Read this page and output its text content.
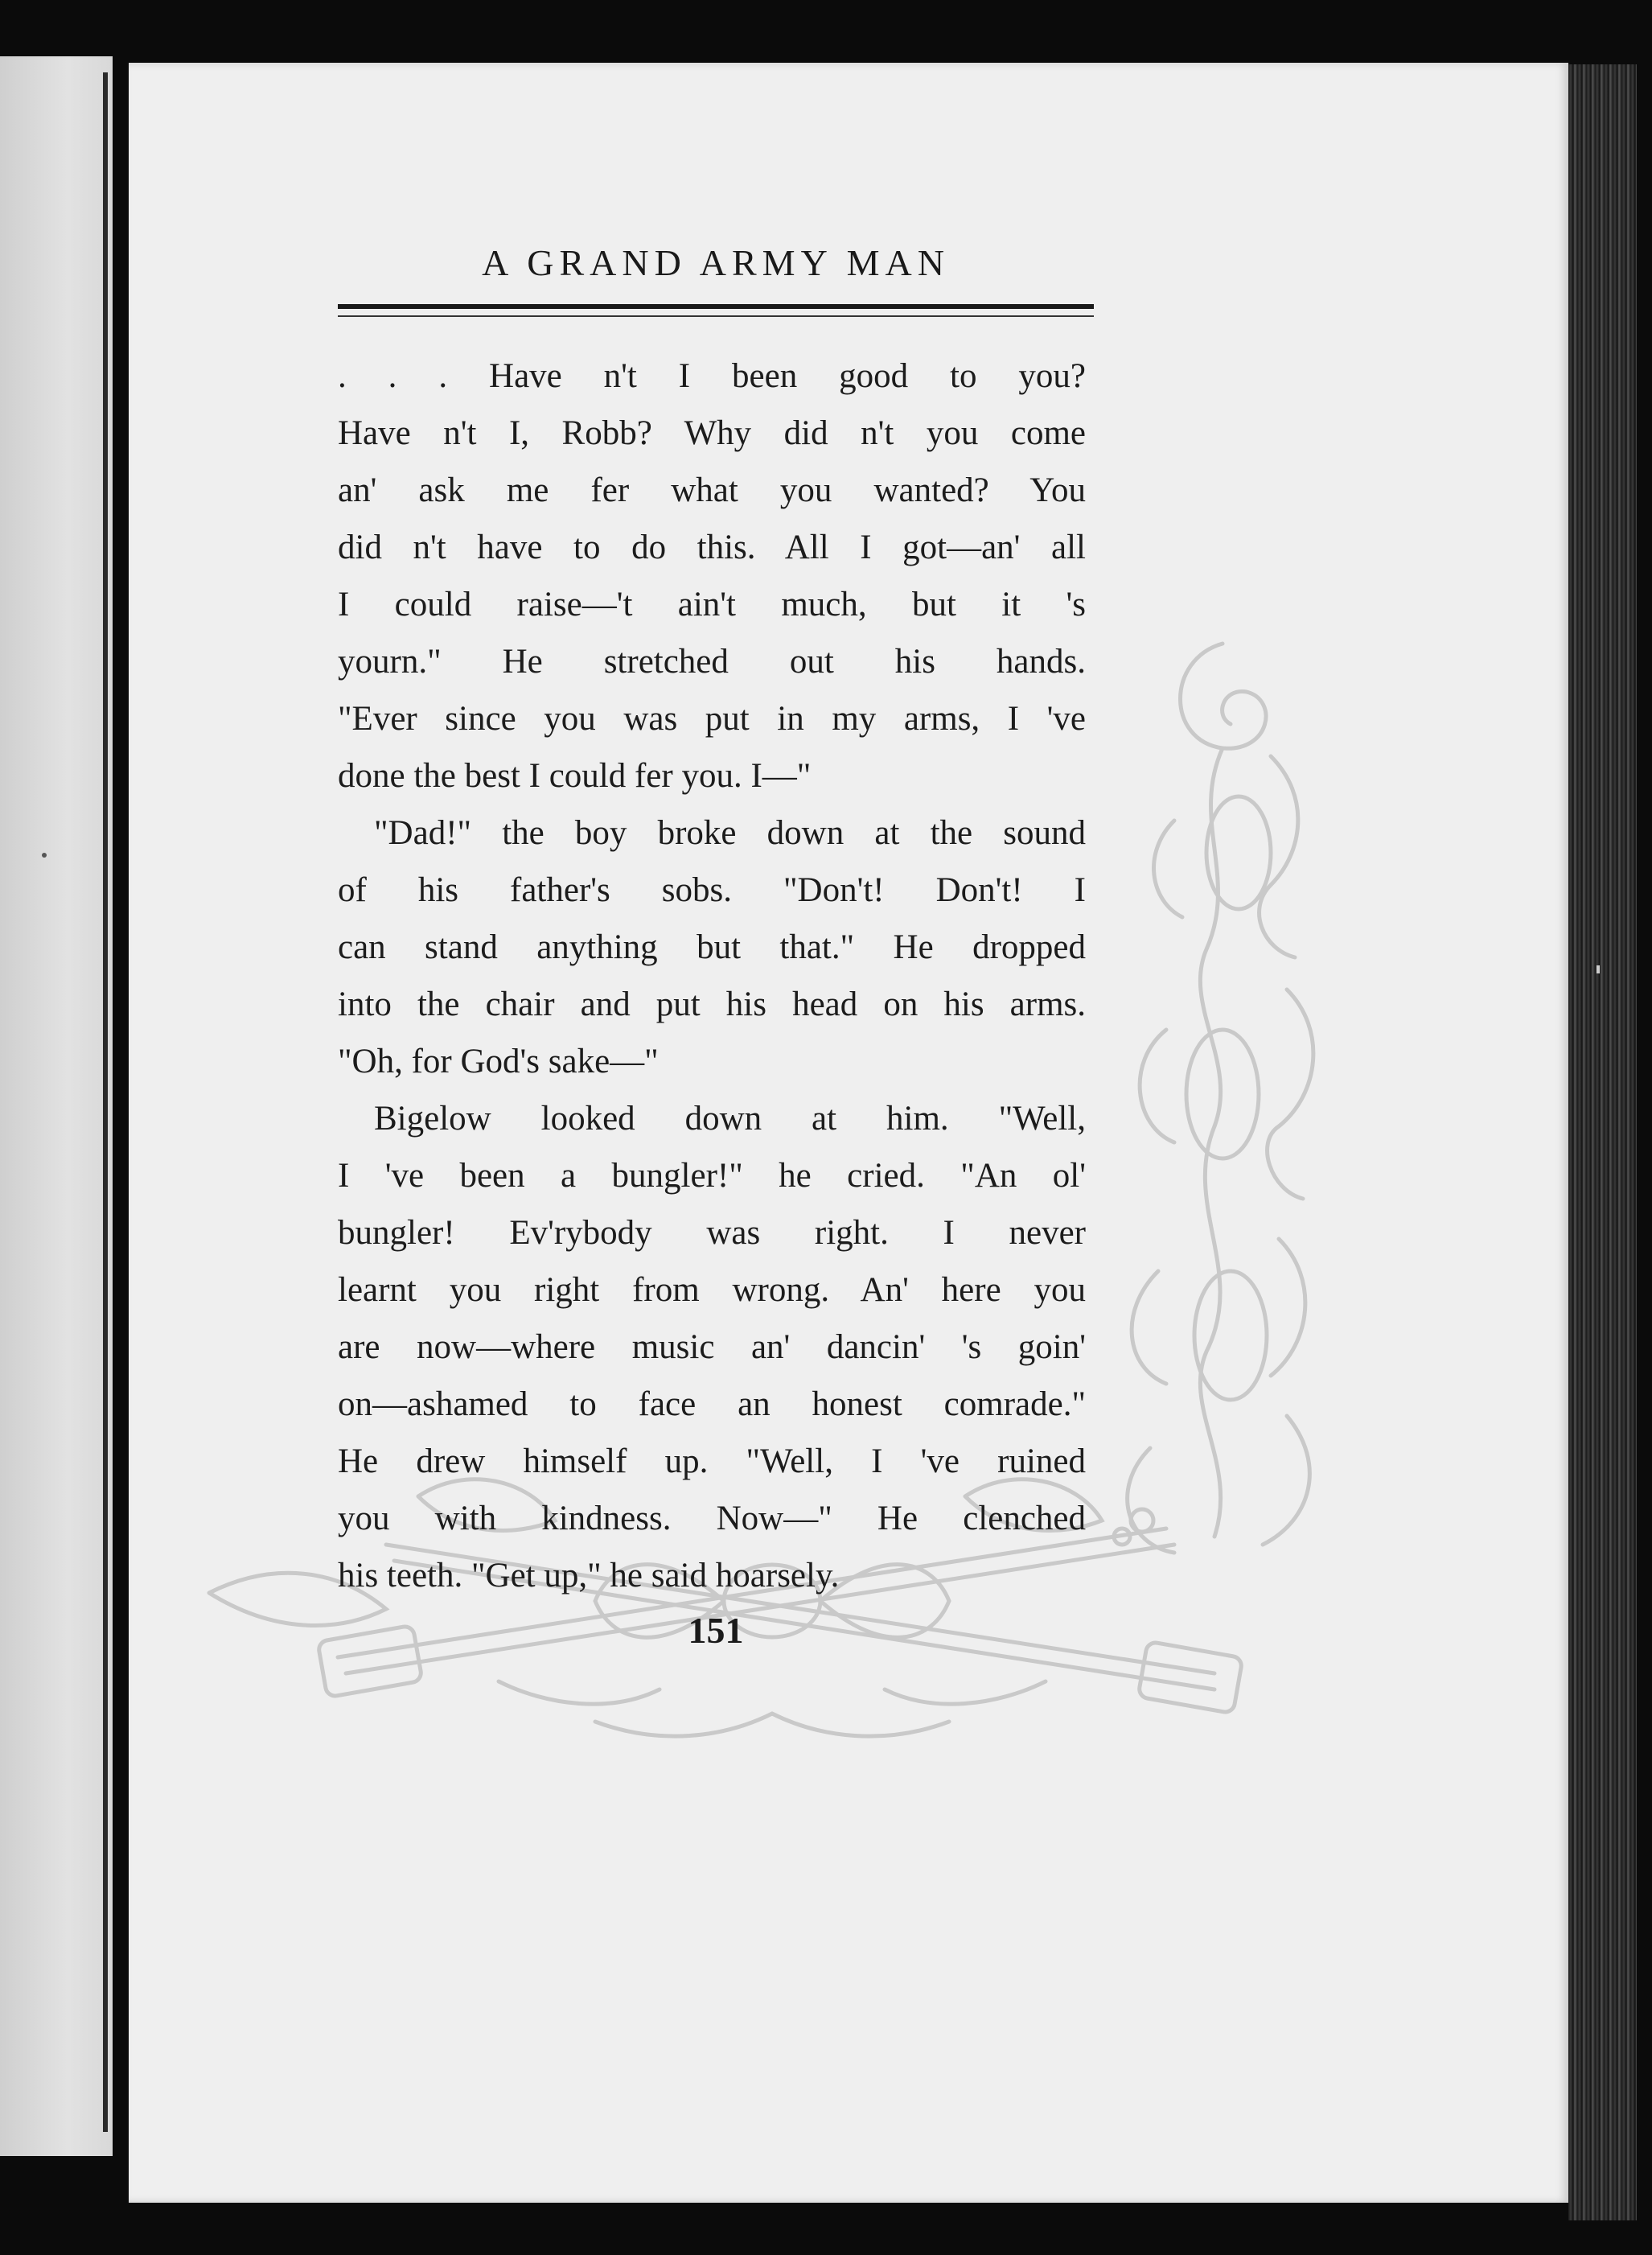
A GRAND ARMY MAN
. . . Have n't I been good to you?
Have n't I, Robb? Why did n't you come
an' ask me fer what you wanted? You
did n't have to do this. All I got—an' all
I could raise—'t ain't much, but it 's
yourn." He stretched out his hands.
"Ever since you was put in my arms, I 've
done the best I could fer you. I—"
"Dad!" the boy broke down at the sound
of his father's sobs. "Don't! Don't! I
can stand anything but that." He dropped
into the chair and put his head on his arms.
"Oh, for God's sake—"
Bigelow looked down at him. "Well,
I 've been a bungler!" he cried. "An ol'
bungler! Ev'rybody was right. I never
learnt you right from wrong. An' here you
are now—where music an' dancin' 's goin'
on—ashamed to face an honest comrade."
He drew himself up. "Well, I 've ruined
you with kindness. Now—" He clenched
his teeth. "Get up," he said hoarsely.
151
